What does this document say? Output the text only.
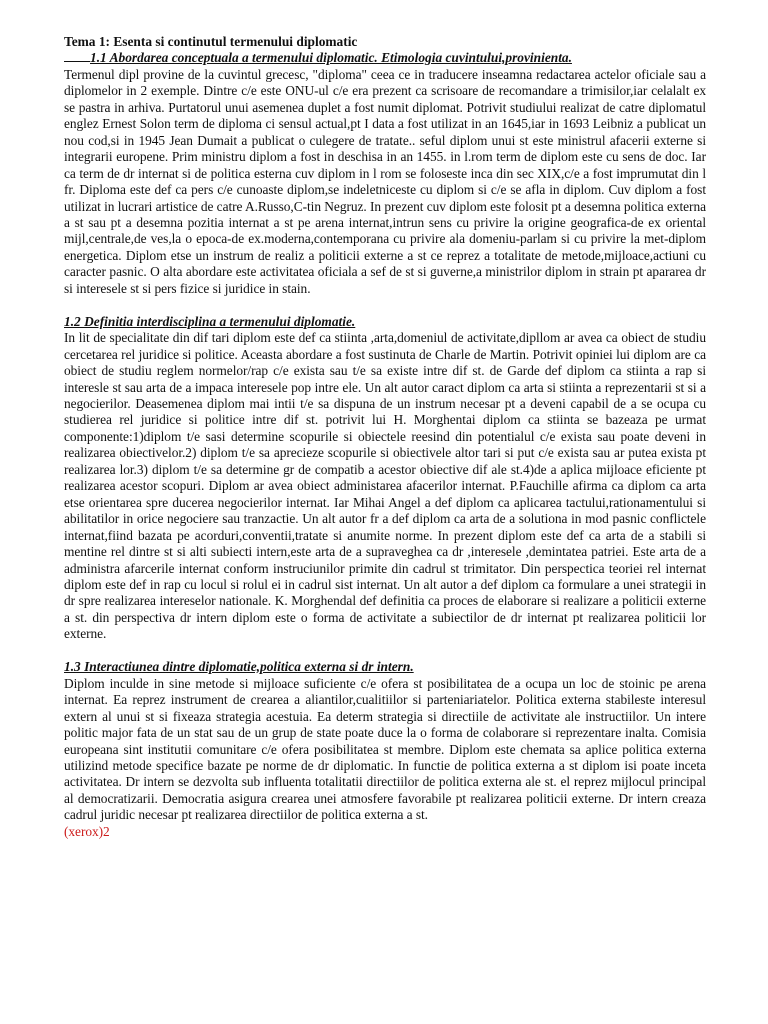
Tema 1: Esenta si continutul termenului diplomatic

1.1 Abordarea conceptuala a termenului diplomatic. Etimologia cuvintului,provinienta.

Termenul dipl provine de la cuvintul grecesc, "diploma" ceea ce in traducere inseamna redactarea actelor oficiale sau a diplomelor in 2 exemple. Dintre c/e este ONU-ul c/e era prezent ca scrisoare de recomandare a trimisilor,iar celalalt ex se pastra in arhiva. Purtatorul unui asemenea duplet a fost numit diplomat. Potrivit studiului realizat de catre diplomatul englez Ernest Solon term de diploma ci sensul actual,pt I data a fost utilizat in an 1645,iar in 1693 Leibniz a publicat un nou cod,si in 1945 Jean Dumait a publicat o culegere de tratate.. seful diplom unui st este ministrul afacerii externe si integrarii europene. Prim ministru diplom a fost in deschisa in an 1455. in l.rom term de diplom este cu sens de doc. Iar ca term de dr internat si de politica esterna cuv diplom in l rom se foloseste inca din sec XIX,c/e a fost imprumutat din l fr. Diploma este def ca pers c/e cunoaste diplom,se indeletniceste cu diplom si c/e se afla in diplom. Cuv diplom a fost utilizat in lucrari artistice de catre A.Russo,C-tin Negruz. In prezent cuv diplom este folosit pt a desemna politica externa a st sau pt a desemna pozitia internat a st pe arena internat,intrun sens cu privire la origine geografica-de ex oriental mijl,centrale,de ves,la o epoca-de ex.moderna,contemporana cu privire ala domeniu-parlam si cu privire la met-diplom energetica. Diplom etse un instrum de realiz a politicii externe a st ce reprez a totalitate de metode,mijloace,actiuni cu caracter pasnic. O alta abordare este activitatea oficiala a sef de st si guverne,a ministrilor diplom in strain pt apararea dr si interesele st si pers fizice si juridice in stain.

1.2 Definitia interdisciplina a termenului diplomatie.

In lit de specialitate din dif tari diplom este def ca stiinta ,arta,domeniul de activitate,dipllom ar avea ca obiect de studiu cercetarea rel juridice si politice. Aceasta abordare a fost sustinuta de Charle de Martin. Potrivit opiniei lui diplom are ca obiect de studiu reglem normelor/rap c/e exista sau t/e sa existe intre dif st. de Garde def diplom ca stiinta a rap si interesle st sau arta de a impaca interesele pop intre ele. Un alt autor caract diplom ca arta si stiinta a reprezentarii st si a negocierilor. Deasemenea diplom mai intii t/e sa dispuna de un instrum necesar pt a deveni capabil de a se ocupa cu studierea rel juridice si politice intre dif st. potrivit lui H. Morghentai diplom ca stiinta se bazeaza pe urmat componente:1)diplom t/e sasi determine scopurile si obiectele reesind din potentialul c/e exista sau poate deveni in realizarea obiectivelor.2) diplom t/e sa aprecieze scopurile si obiectivele altor tari si put c/e exista sau ar putea exista pt realizarea lor.3) diplom t/e sa determine gr de compatib a acestor obiective dif ale st.4)de a aplica mijloace eficiente pt realizarea acestor scopuri. Diplom ar avea obiect administarea afacerilor internat. P.Fauchille afirma ca diplom ca arta etse orientarea spre ducerea negocierilor internat. Iar Mihai Angel a def diplom ca aplicarea tactului,rationamentului si abilitatilor in orice negociere sau tranzactie. Un alt autor fr a def diplom ca arta de a solutiona in mod pasnic conflictele internat,fiind bazata pe acorduri,conventii,tratate si anumite norme. In prezent diplom este def ca arta de a stabili si mentine rel dintre st si alti subiecti intern,este arta de a supraveghea ca dr ,interesele ,demintatea patriei. Este arta de a administra afarcerile internat conform instruciunilor primite din cadrul st trimitator. Din perspectica teoriei rel internat diplom este def in rap cu locul si rolul ei in cadrul sist internat. Un alt autor a def diplom ca formulare a unei strategii in dr spre realizarea intereselor nationale. K. Morghendal def definitia ca proces de elaborare si realizare a politicii externe a st. din perspectiva dr intern diplom este o forma de activitate a subiectilor de dr internat pt realizarea politicii lor externe.

1.3 Interactiunea dintre diplomatie,politica externa si dr intern.

Diplom inculde in sine metode si mijloace suficiente c/e ofera st posibilitatea de a ocupa un loc de stoinic pe arena internat. Ea reprez instrument de crearea a aliantilor,cualitiilor si parteniariatelor. Politica externa stabileste interesul extern al unui st si fixeaza strategia acestuia. Ea determ strategia si directiile de activitate ale instructiilor. Un intere politic major fata de un stat sau de un grup de state poate duce la o forma de colaborare si reprezentare inalta. Comisia europeana sint institutii comunitare c/e ofera posibilitatea st membre. Diplom este chemata sa aplice politica externa utilizind metode specifice bazate pe norme de dr diplomatic. In functie de politica externa a st diplom isi poate inceta activitatea. Dr intern se dezvolta sub influenta totalitatii directiilor de politica externa ale st. el reprez mijlocul principal al democratizarii. Democratia asigura crearea unei atmosfere favorabile pt realizarea politicii externe. Dr intern creaza cadrul juridic necesar pt realizarea directiilor de politica externa a st.
(xerox)2
